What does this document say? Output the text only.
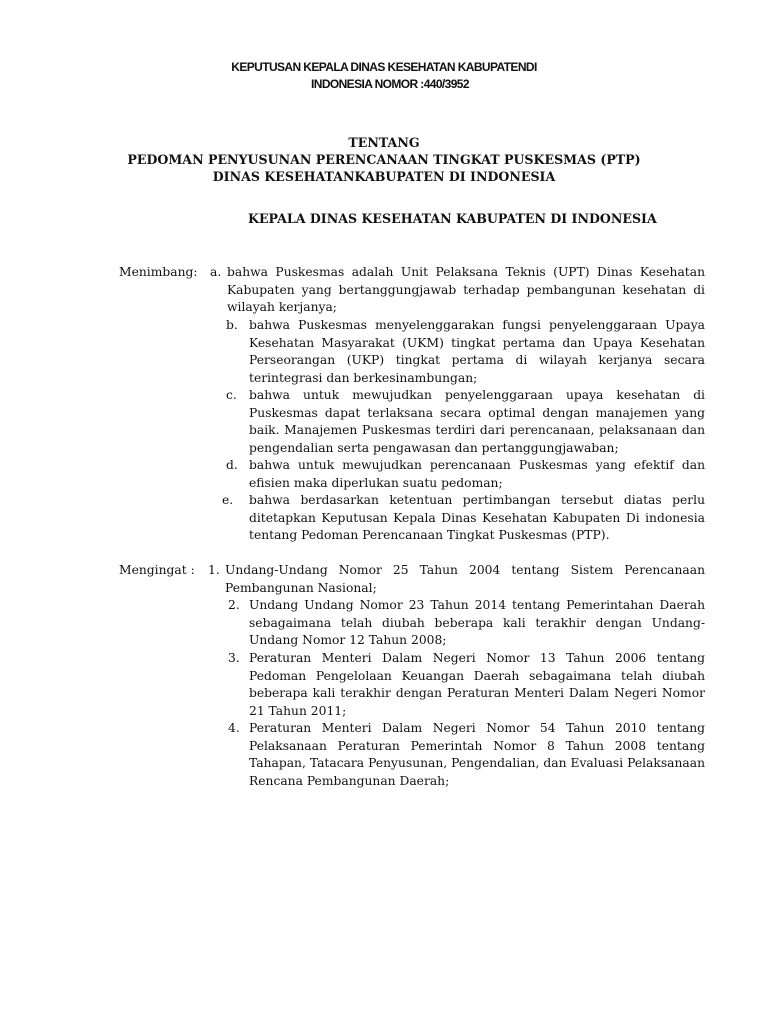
KEPUTUSAN KEPALA DINAS KESEHATAN KABUPATENDI
INDONESIA NOMOR :440/3952
TENTANG
PEDOMAN PENYUSUNAN PERENCANAAN TINGKAT PUSKESMAS (PTP)
DINAS KESEHATANKABUPATEN DI INDONESIA
KEPALA DINAS KESEHATAN KABUPATEN DI INDONESIA
Menimbang: a. bahwa Puskesmas adalah Unit Pelaksana Teknis (UPT) Dinas Kesehatan Kabupaten yang bertanggungjawab terhadap pembangunan kesehatan di wilayah kerjanya;
b. bahwa Puskesmas menyelenggarakan fungsi penyelenggaraan Upaya Kesehatan Masyarakat (UKM) tingkat pertama dan Upaya Kesehatan Perseorangan (UKP) tingkat pertama di wilayah kerjanya secara terintegrasi dan berkesinambungan;
c. bahwa untuk mewujudkan penyelenggaraan upaya kesehatan di Puskesmas dapat terlaksana secara optimal dengan manajemen yang baik. Manajemen Puskesmas terdiri dari perencanaan, pelaksanaan dan pengendalian serta pengawasan dan pertanggungjawaban;
d. bahwa untuk mewujudkan perencanaan Puskesmas yang efektif dan efisien maka diperlukan suatu pedoman;
e. bahwa berdasarkan ketentuan pertimbangan tersebut diatas perlu ditetapkan Keputusan Kepala Dinas Kesehatan Kabupaten Di indonesia tentang Pedoman Perencanaan Tingkat Puskesmas (PTP).
Mengingat : 1. Undang-Undang Nomor 25 Tahun 2004 tentang Sistem Perencanaan Pembangunan Nasional;
2. Undang Undang Nomor 23 Tahun 2014 tentang Pemerintahan Daerah sebagaimana telah diubah beberapa kali terakhir dengan Undang-Undang Nomor 12 Tahun 2008;
3. Peraturan Menteri Dalam Negeri Nomor 13 Tahun 2006 tentang Pedoman Pengelolaan Keuangan Daerah sebagaimana telah diubah beberapa kali terakhir dengan Peraturan Menteri Dalam Negeri Nomor 21 Tahun 2011;
4. Peraturan Menteri Dalam Negeri Nomor 54 Tahun 2010 tentang Pelaksanaan Peraturan Pemerintah Nomor 8 Tahun 2008 tentang Tahapan, Tatacara Penyusunan, Pengendalian, dan Evaluasi Pelaksanaan Rencana Pembangunan Daerah;
